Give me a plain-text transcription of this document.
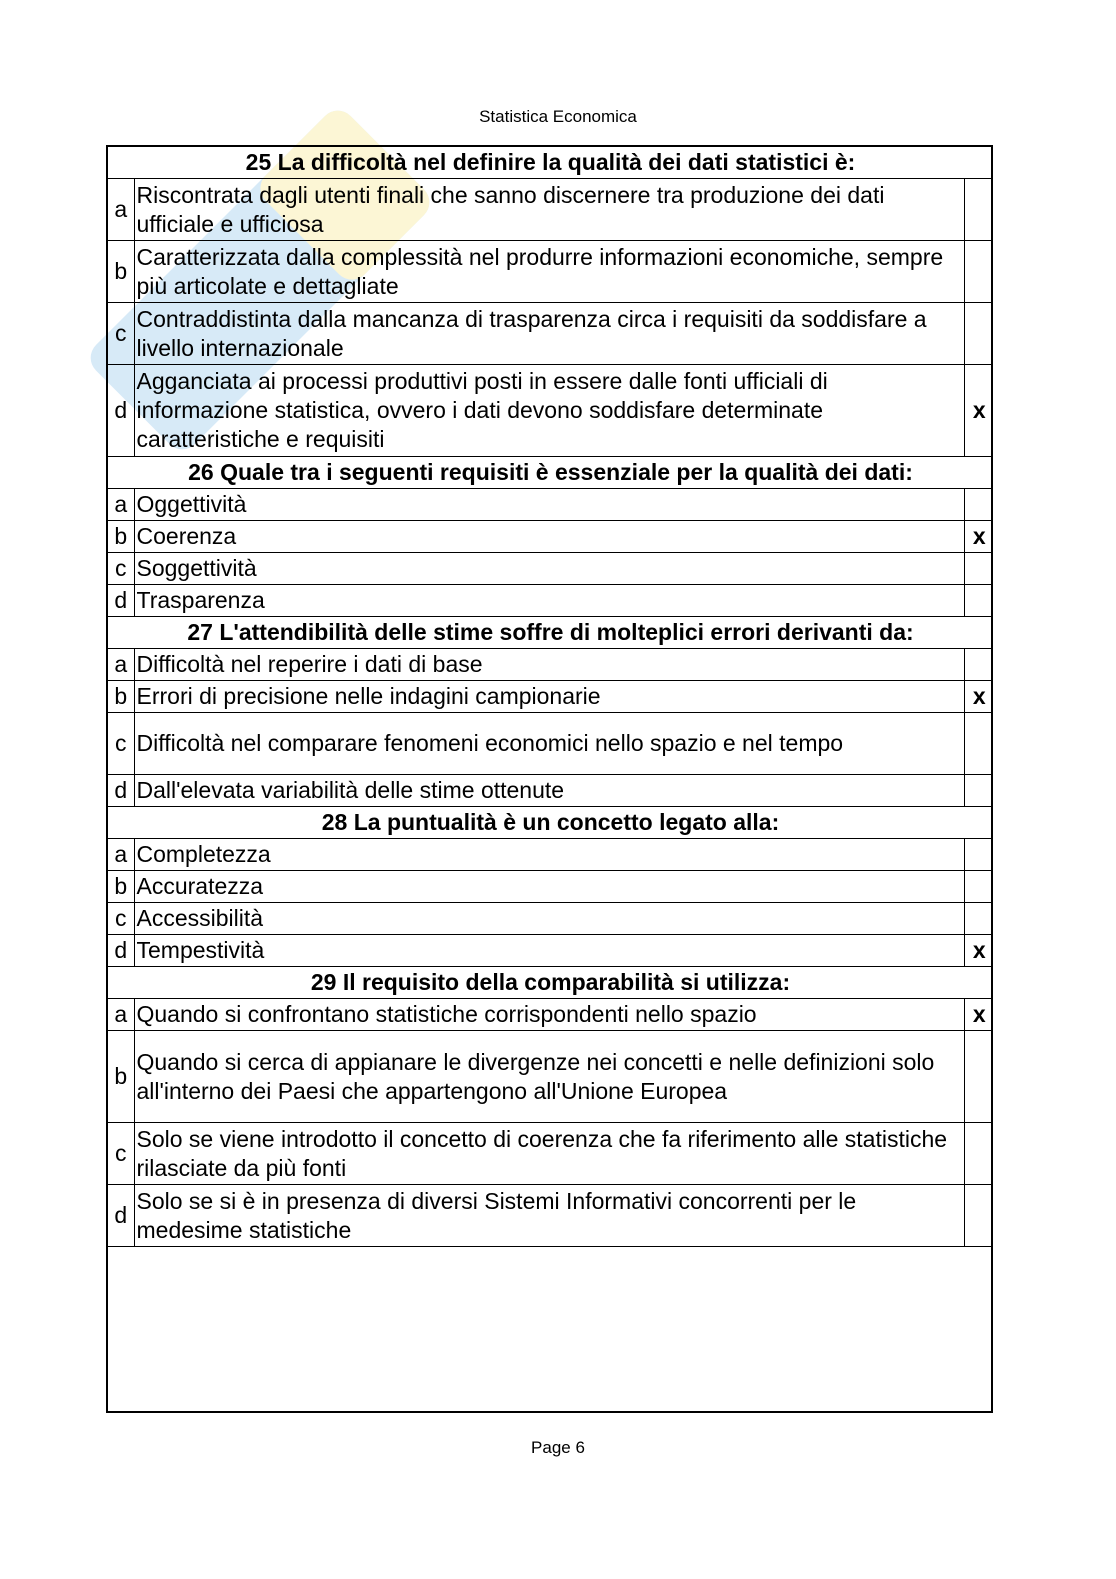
Statistica Economica
25 La difficoltà nel definire la qualità dei dati statistici è:		
a	Riscontrata dagli utenti finali che sanno discernere tra produzione dei dati ufficiale e ufficiosa	
b	Caratterizzata dalla complessità nel produrre informazioni economiche, sempre più articolate e dettagliate	
c	Contraddistinta dalla mancanza di trasparenza circa i requisiti da soddisfare a livello internazionale	
d	Agganciata ai processi produttivi posti in essere dalle fonti ufficiali di informazione statistica, ovvero i dati devono soddisfare determinate caratteristiche e requisiti	x
26 Quale tra i seguenti requisiti è essenziale per la qualità dei dati:		
a	Oggettività	
b	Coerenza	x
c	Soggettività	
d	Trasparenza	
27 L'attendibilità delle stime soffre di molteplici errori derivanti da:		
a	Difficoltà nel reperire i dati di base	
b	Errori di precisione nelle indagini campionarie	x
c	Difficoltà nel comparare fenomeni economici nello spazio e nel tempo	
d	Dall'elevata variabilità delle stime ottenute	
28 La puntualità è un concetto legato alla:		
a	Completezza	
b	Accuratezza	
c	Accessibilità	
d	Tempestività	x
29 Il requisito della comparabilità si utilizza:		
a	Quando si confrontano statistiche corrispondenti nello spazio	x
b	Quando si cerca di appianare le divergenze nei concetti e nelle definizioni solo all'interno dei Paesi che appartengono all'Unione Europea	
c	Solo se viene introdotto il concetto di coerenza che fa riferimento alle statistiche rilasciate da più fonti	
d	Solo se si è in presenza di diversi Sistemi Informativi concorrenti per le medesime statistiche	
Page 6
